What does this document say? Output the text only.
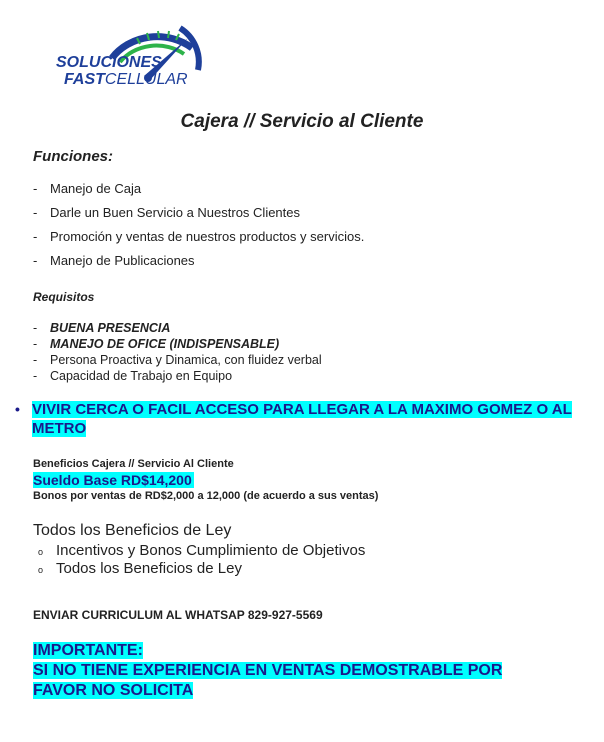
SOLUCIONES
FASTCELLULAR
Cajera // Servicio al Cliente
Funciones:
- Manejo de Caja
- Darle un Buen Servicio a Nuestros Clientes
- Promoción y ventas de nuestros productos y servicios.
- Manejo de Publicaciones
Requisitos
- BUENA PRESENCIA
- MANEJO DE OFICE (INDISPENSABLE)
- Persona Proactiva y Dinamica, con fluidez verbal
- Capacidad de Trabajo en Equipo
• VIVIR CERCA O FACIL ACCESO PARA LLEGAR A LA MAXIMO GOMEZ O AL METRO
Beneficios Cajera // Servicio Al Cliente
Sueldo Base RD$14,200
Bonos por ventas de RD$2,000 a 12,000 (de acuerdo a sus ventas)
Todos los Beneficios de Ley
o Incentivos y Bonos Cumplimiento de Objetivos
o Todos los Beneficios de Ley
ENVIAR CURRICULUM AL WHATSAP 829-927-5569
IMPORTANTE:
SI NO TIENE EXPERIENCIA EN VENTAS DEMOSTRABLE POR
FAVOR NO SOLICITA
